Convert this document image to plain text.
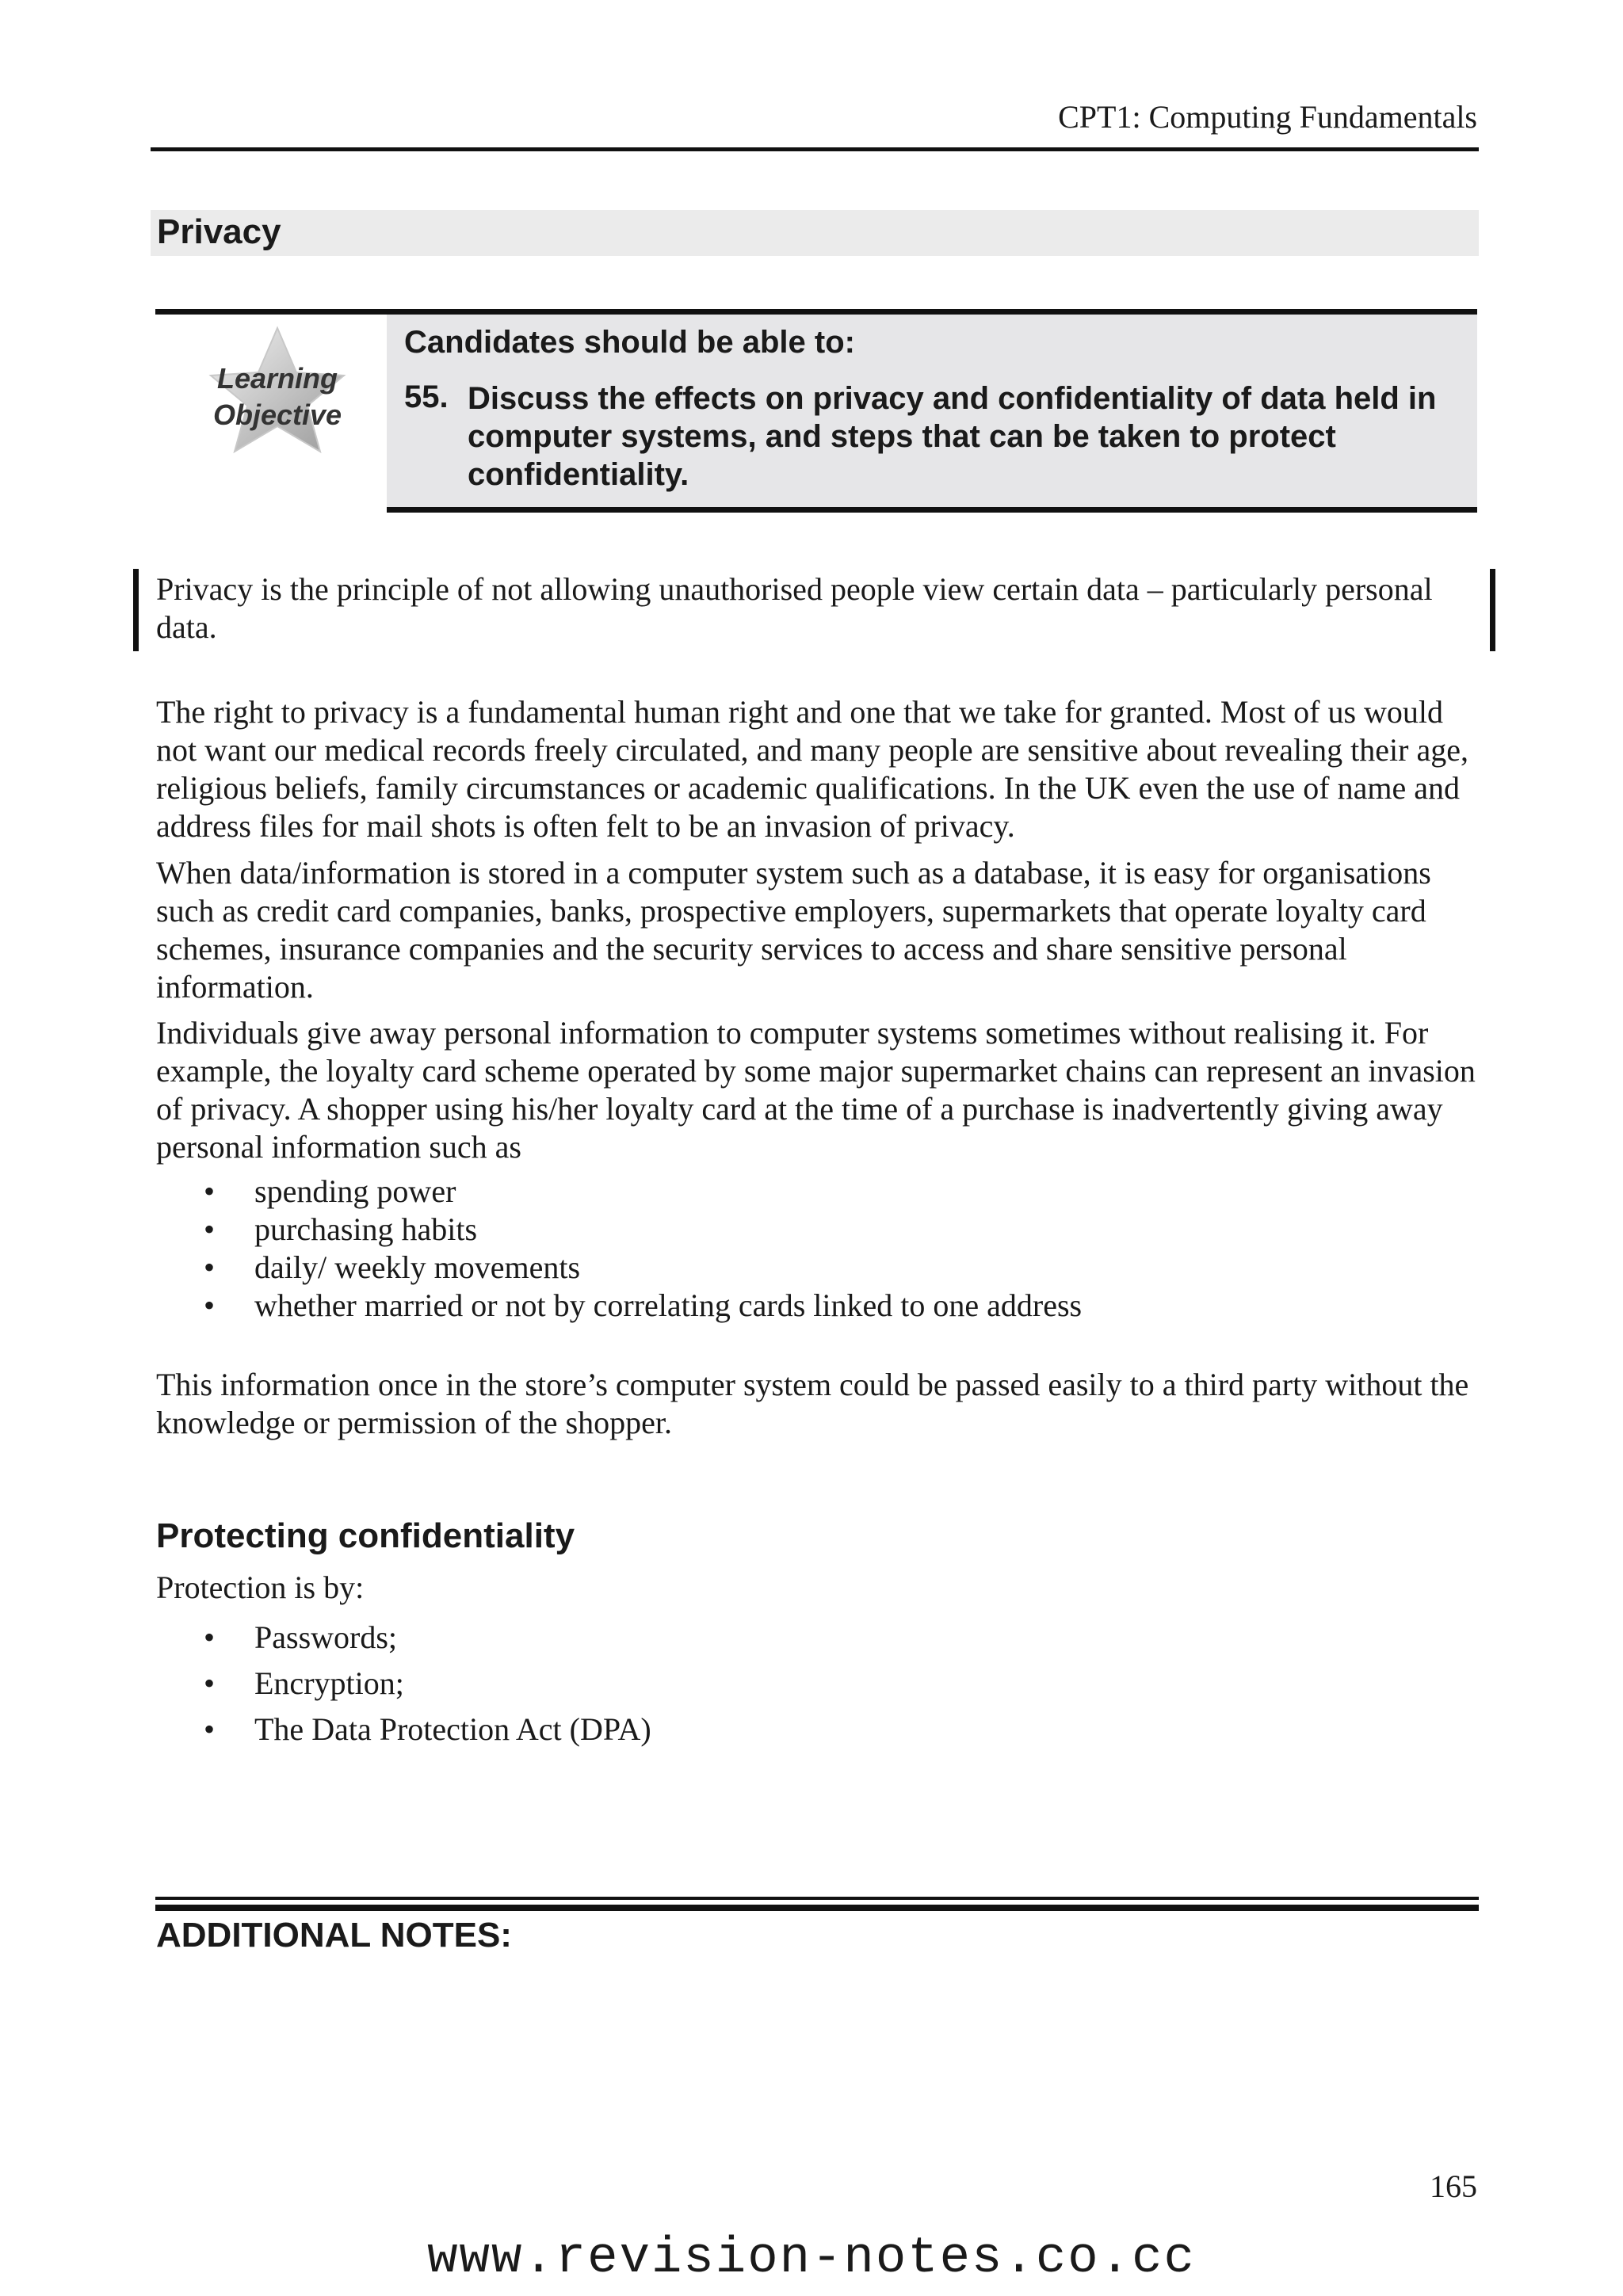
CPT1: Computing Fundamentals
Privacy
Learning
Objective
Candidates should be able to:
55. Discuss the effects on privacy and confidentiality of data held in computer systems, and steps that can be taken to protect confidentiality.
Privacy is the principle of not allowing unauthorised people view certain data – particularly personal data.
The right to privacy is a fundamental human right and one that we take for granted. Most of us would not want our medical records freely circulated, and many people are sensitive about revealing their age, religious beliefs, family circumstances or academic qualifications. In the UK even the use of name and address files for mail shots is often felt to be an invasion of privacy.
When data/information is stored in a computer system such as a database, it is easy for organisations such as credit card companies, banks, prospective employers, supermarkets that operate loyalty card schemes, insurance companies and the security services to access and share sensitive personal information.
Individuals give away personal information to computer systems sometimes without realising it. For example, the loyalty card scheme operated by some major supermarket chains can represent an invasion of privacy. A shopper using his/her loyalty card at the time of a purchase is inadvertently giving away personal information such as
• spending power
• purchasing habits
• daily/ weekly movements
• whether married or not by correlating cards linked to one address
This information once in the store’s computer system could be passed easily to a third party without the knowledge or permission of the shopper.
Protecting confidentiality
Protection is by:
• Passwords;
• Encryption;
• The Data Protection Act (DPA)
ADDITIONAL NOTES:
165
www.revision-notes.co.cc
